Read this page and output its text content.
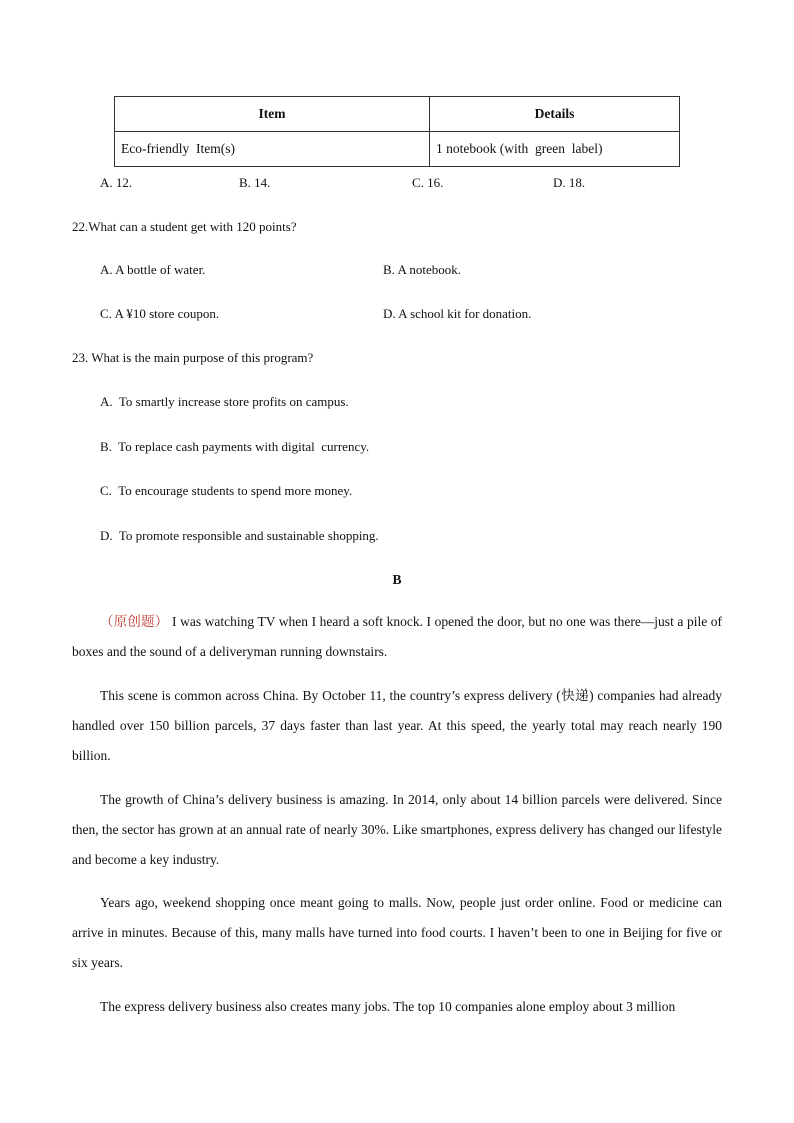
Item	Details
Eco-friendly  Item(s)	1 notebook (with  green  label)
A. 12.	B. 14.	C. 16.	D. 18.
22.What can a student get with 120 points?
A. A bottle of water.	B. A notebook.
C. A ¥10 store coupon.	D. A school kit for donation.
23. What is the main purpose of this program?
A.  To smartly increase store profits on campus.
B.  To replace cash payments with digital  currency.
C.  To encourage students to spend more money.
D.  To promote responsible and sustainable shopping.
B
（原创题） I was watching TV when I heard a soft knock. I opened the door, but no one was there—just a pile of boxes and the sound of a deliveryman running downstairs.
This scene is common across China. By October 11, the country’s express delivery (快递) companies had already handled over 150 billion parcels, 37 days faster than last year. At this speed, the yearly total may reach nearly 190 billion.
The growth of China’s delivery business is amazing. In 2014, only about 14 billion parcels were delivered. Since then, the sector has grown at an annual rate of nearly 30%. Like smartphones, express delivery has changed our lifestyle and become a key industry.
Years ago, weekend shopping once meant going to malls. Now, people just order online. Food or medicine can arrive in minutes. Because of this, many malls have turned into food courts. I haven’t been to one in Beijing for five or six years.
The express delivery business also creates many jobs. The top 10 companies alone employ about 3 million
